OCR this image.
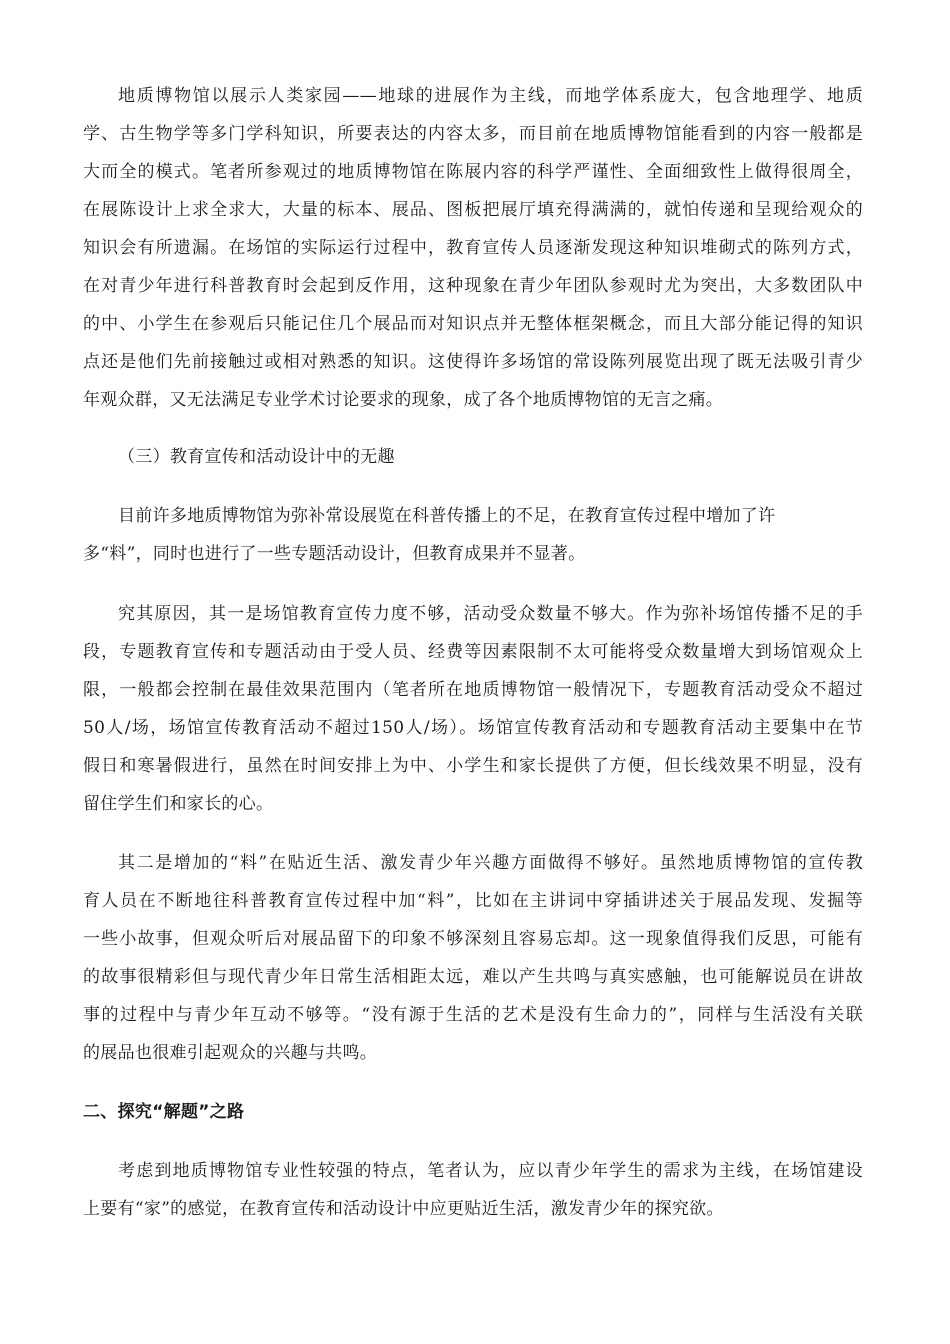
地质博物馆以展示人类家园——地球的进展作为主线，而地学体系庞大，包含地理学、地质
学、古生物学等多门学科知识，所要表达的内容太多，而目前在地质博物馆能看到的内容一般都是
大而全的模式。笔者所参观过的地质博物馆在陈展内容的科学严谨性、全面细致性上做得很周全，
在展陈设计上求全求大，大量的标本、展品、图板把展厅填充得满满的，就怕传递和呈现给观众的
知识会有所遗漏。在场馆的实际运行过程中，教育宣传人员逐渐发现这种知识堆砌式的陈列方式，
在对青少年进行科普教育时会起到反作用，这种现象在青少年团队参观时尤为突出，大多数团队中
的中、小学生在参观后只能记住几个展品而对知识点并无整体框架概念，而且大部分能记得的知识
点还是他们先前接触过或相对熟悉的知识。这使得许多场馆的常设陈列展览出现了既无法吸引青少
年观众群，又无法满足专业学术讨论要求的现象，成了各个地质博物馆的无言之痛。
（三）教育宣传和活动设计中的无趣
目前许多地质博物馆为弥补常设展览在科普传播上的不足，在教育宣传过程中增加了许
多“料”，同时也进行了一些专题活动设计，但教育成果并不显著。
究其原因，其一是场馆教育宣传力度不够，活动受众数量不够大。作为弥补场馆传播不足的手
段，专题教育宣传和专题活动由于受人员、经费等因素限制不太可能将受众数量增大到场馆观众上
限，一般都会控制在最佳效果范围内（笔者所在地质博物馆一般情况下，专题教育活动受众不超过
50人/场，场馆宣传教育活动不超过150人/场）。场馆宣传教育活动和专题教育活动主要集中在节
假日和寒暑假进行，虽然在时间安排上为中、小学生和家长提供了方便，但长线效果不明显，没有
留住学生们和家长的心。
其二是增加的“料”在贴近生活、激发青少年兴趣方面做得不够好。虽然地质博物馆的宣传教
育人员在不断地往科普教育宣传过程中加“料”，比如在主讲词中穿插讲述关于展品发现、发掘等
一些小故事，但观众听后对展品留下的印象不够深刻且容易忘却。这一现象值得我们反思，可能有
的故事很精彩但与现代青少年日常生活相距太远，难以产生共鸣与真实感触，也可能解说员在讲故
事的过程中与青少年互动不够等。“没有源于生活的艺术是没有生命力的”，同样与生活没有关联
的展品也很难引起观众的兴趣与共鸣。
二、探究“解题”之路
考虑到地质博物馆专业性较强的特点，笔者认为，应以青少年学生的需求为主线，在场馆建设
上要有“家”的感觉，在教育宣传和活动设计中应更贴近生活，激发青少年的探究欲。
